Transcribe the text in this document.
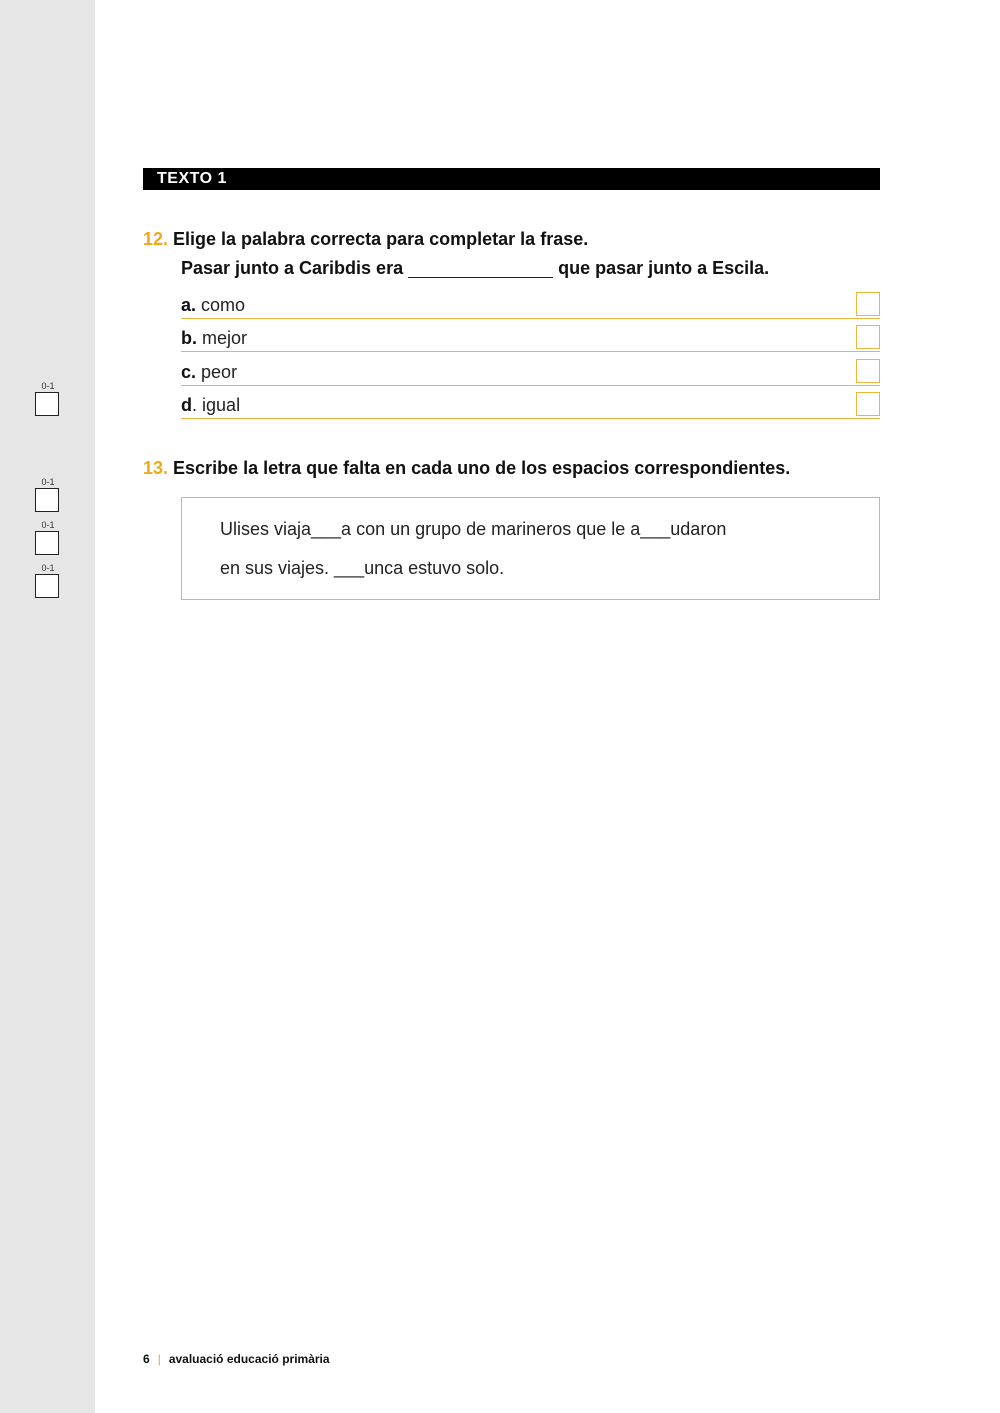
0-1
0-1
0-1
0-1
TEXTO 1
12. Elige la palabra correcta para completar la frase.
Pasar junto a Caribdis era	que pasar junto a Escila.
a. como
b. mejor
c. peor
d. igual
13. Escribe la letra que falta en cada uno de los espacios correspondientes.
Ulises viaja___a con un grupo de marineros que le a___udaron
en sus viajes. ___unca estuvo solo.
6 | avaluació educació primària
